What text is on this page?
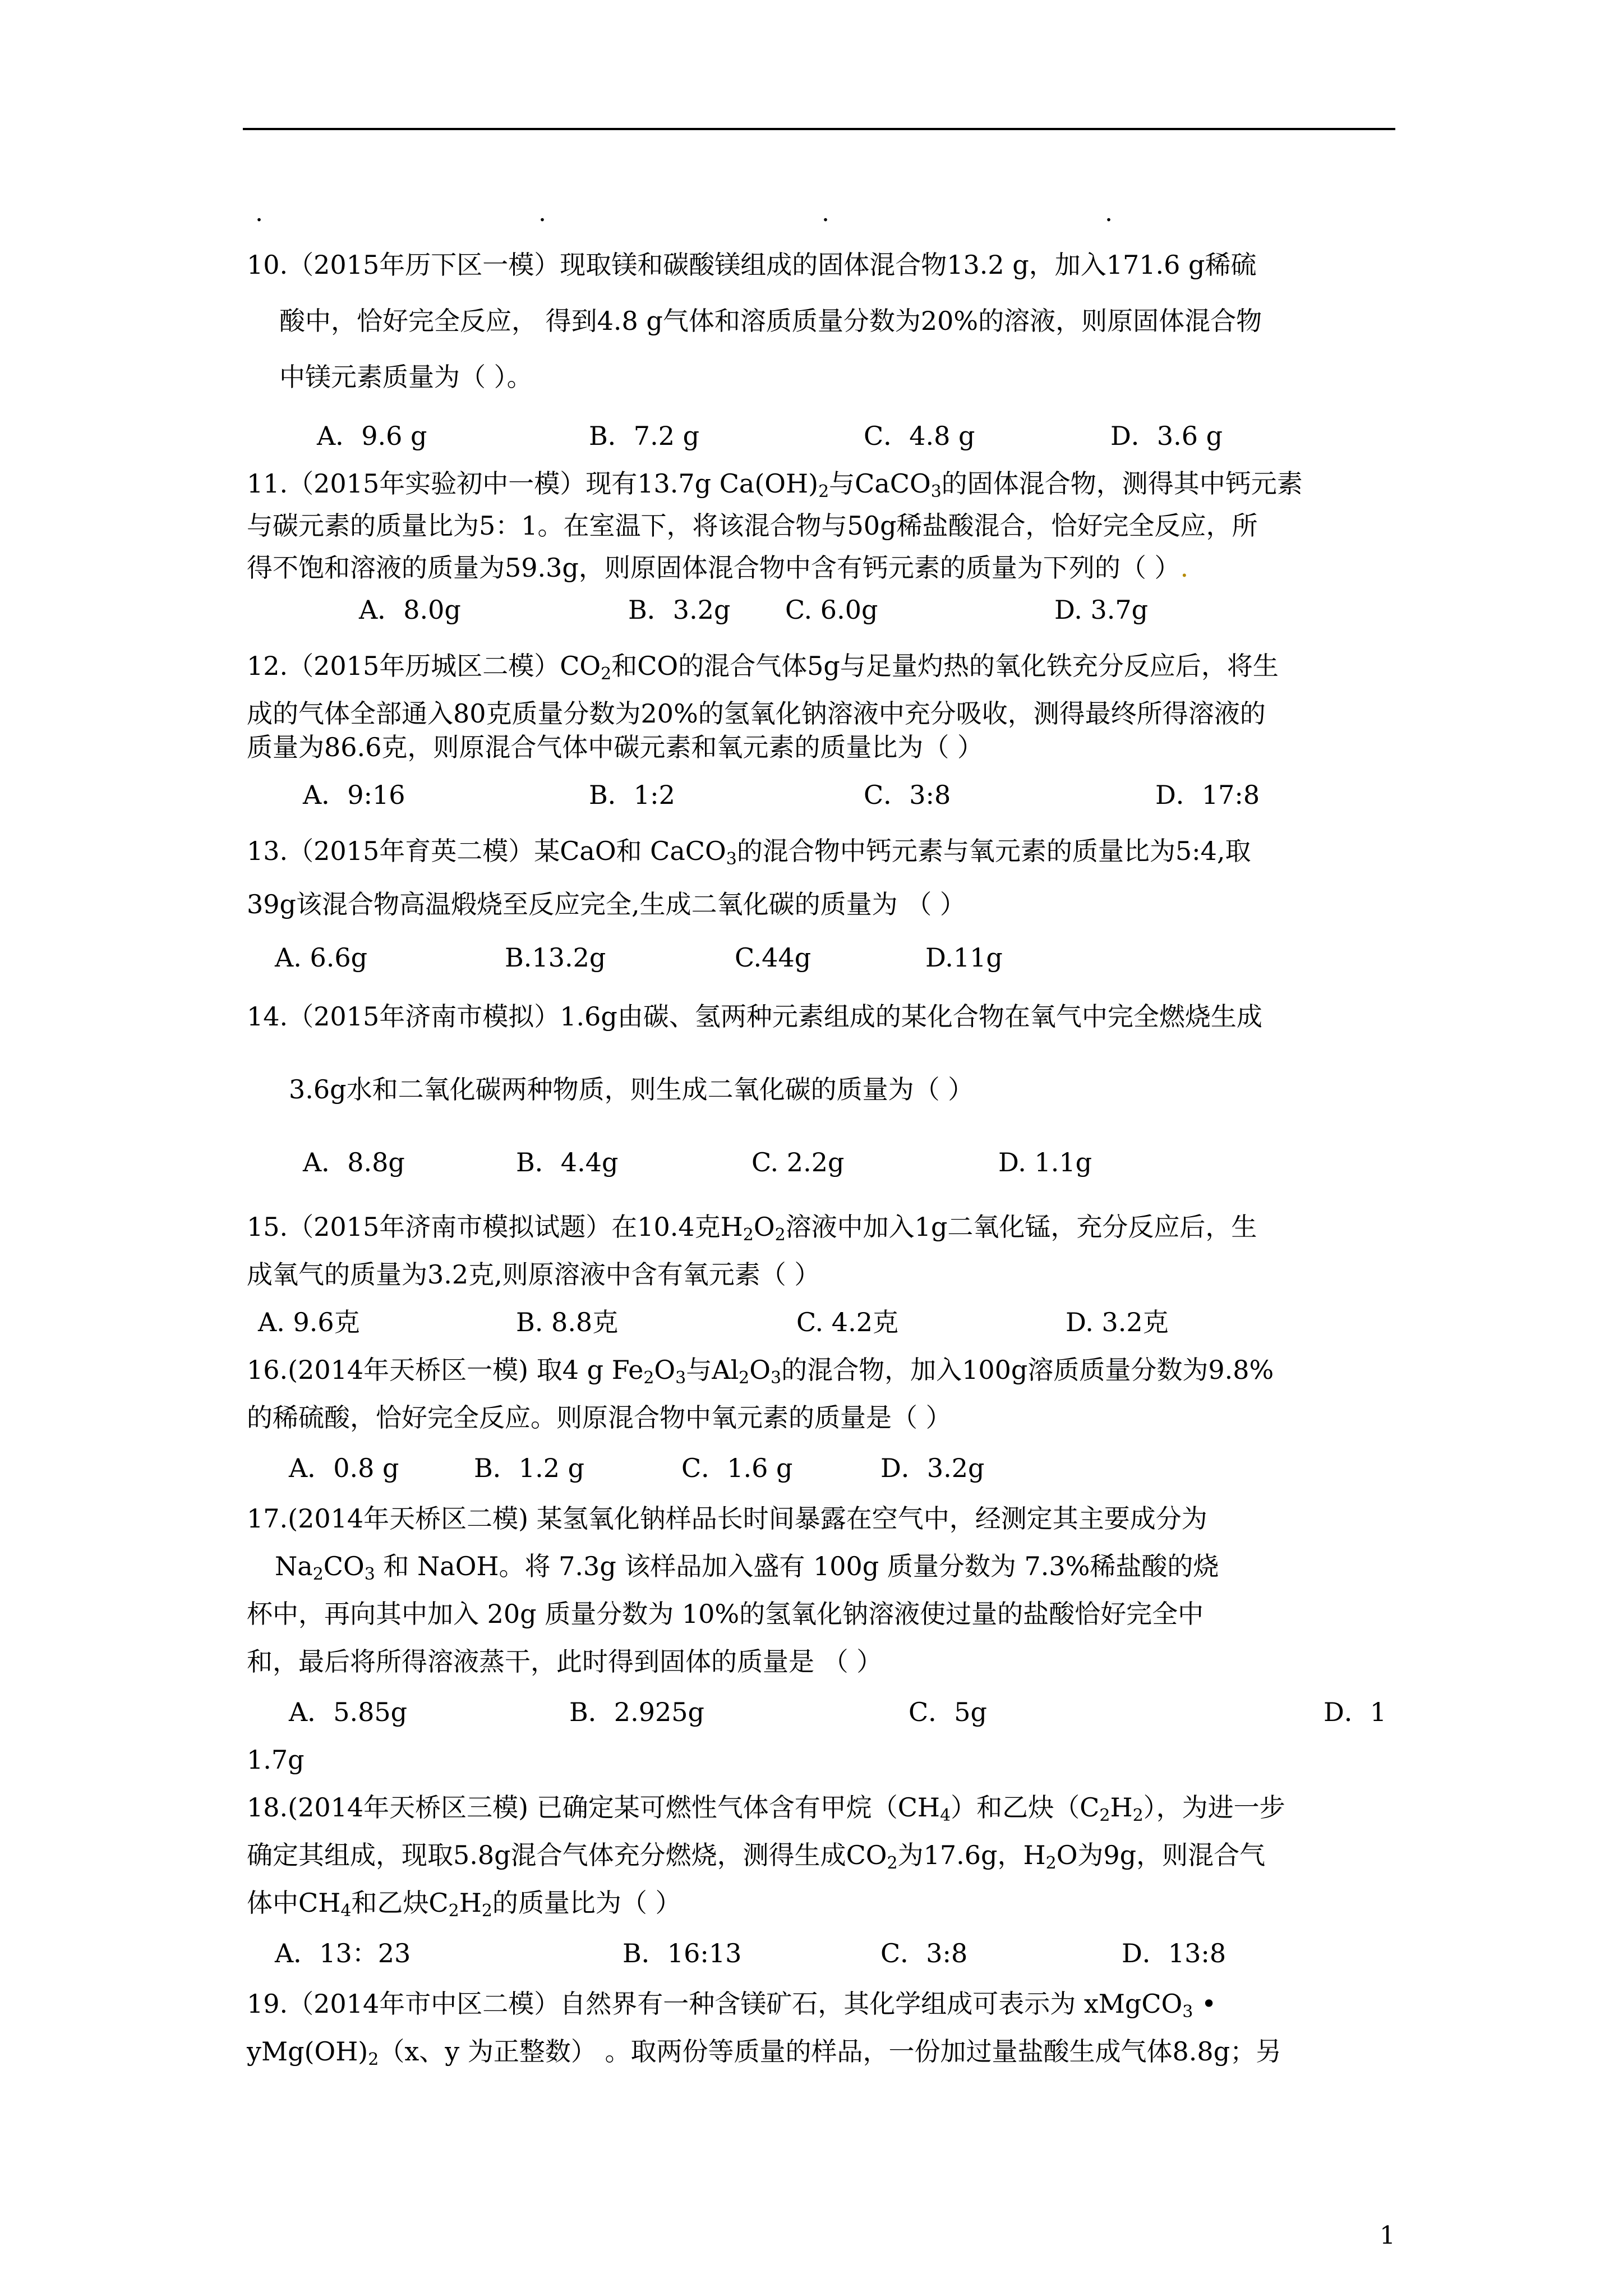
.	.	.	.
10.（2015年历下区一模）现取镁和碳酸镁组成的固体混合物13.2 g，加入171.6 g稀硫
酸中，恰好完全反应， 得到4.8 g气体和溶质质量分数为20%的溶液，则原固体混合物
中镁元素质量为（ ）。
A．9.6 g	B．7.2 g	C．4.8 g	D．3.6 g
11.（2015年实验初中一模）现有13.7g $Ca(OH)_2$与CaCO$_3$的固体混合物，测得其中钙元素
与碳元素的质量比为5：1。在室温下，将该混合物与50g稀盐酸混合，恰好完全反应，所
得不饱和溶液的质量为59.3g，则原固体混合物中含有钙元素的质量为下列的（ ）.
A．8.0g	B．3.2g C. 6.0g	D. 3.7g
12.（2015年历城区二模）$CO_2$和CO的混合气体5g与足量灼热的氧化铁充分反应后，将生
成的气体全部通入80克质量分数为20%的氢氧化钠溶液中充分吸收，测得最终所得溶液的
质量为86.6克，则原混合气体中碳元素和氧元素的质量比为（ ）
A．9:16	B．1:2	C．3:8	D．17:8
13.（2015年育英二模）某CaO和 CaCO$_3$的混合物中钙元素与氧元素的质量比为5:4,取
39g该混合物高温煅烧至反应完全,生成二氧化碳的质量为 （ ）
A. 6.6g	B.13.2g	C.44g	D.11g
14.（2015年济南市模拟）1.6g由碳、氢两种元素组成的某化合物在氧气中完全燃烧生成
3.6g水和二氧化碳两种物质，则生成二氧化碳的质量为（ ）
A．8.8g	B．4.4g	C. 2.2g	D. 1.1g
15.（2015年济南市模拟试题）在10.4克$H_2O_2$溶液中加入1g二氧化锰，充分反应后，生
成氧气的质量为3.2克,则原溶液中含有氧元素（ ）
A. 9.6克	B. 8.8克	C. 4.2克	D. 3.2克
16.(2014年天桥区一模) 取4 g $Fe_2O_3$与$Al_2O_3$的混合物，加入100g溶质质量分数为9.8%
的稀硫酸，恰好完全反应。则原混合物中氧元素的质量是（ ）
A．0.8 g	B．1.2 g	C．1.6 g	D．3.2g
17.(2014年天桥区二模) 某氢氧化钠样品长时间暴露在空气中，经测定其主要成分为
$Na_2CO_3$ 和 NaOH。将 7.3g 该样品加入盛有 100g 质量分数为 7.3%稀盐酸的烧
杯中，再向其中加入 20g 质量分数为 10%的氢氧化钠溶液使过量的盐酸恰好完全中
和，最后将所得溶液蒸干，此时得到固体的质量是 （ ）
A．5.85g	B．2.925g	C．5g	D．1
1.7g
18.(2014年天桥区三模) 已确定某可燃性气体含有甲烷$(CH_4)$和乙炔$(C_2H_2)$，为进一步
确定其组成，现取5.8g混合气体充分燃烧，测得生成$CO_2$为17.6g，$H_2O$为9g，则混合气
体中$CH_4$和乙炔$C_2H_2$的质量比为（ ）
A．13：23	B．16:13	C．3:8	D．13:8
19.（2014年市中区二模）自然界有一种含镁矿石，其化学组成可表示为 xMgCO$_3$ •
$yMg(OH)_2(x$、y 为正整数） 。取两份等质量的样品，一份加过量盐酸生成气体8.8g；另
1
